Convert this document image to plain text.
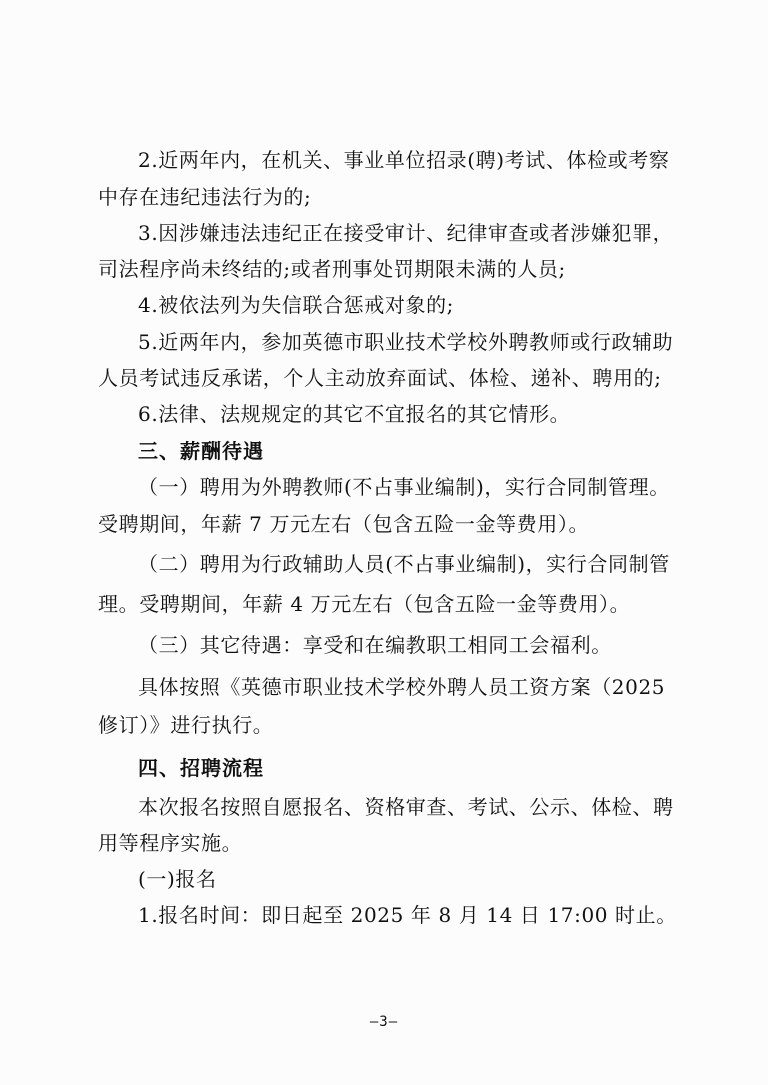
2.近两年内，在机关、事业单位招录(聘)考试、体检或考察
中存在违纪违法行为的;
3.因涉嫌违法违纪正在接受审计、纪律审查或者涉嫌犯罪，
司法程序尚未终结的;或者刑事处罚期限未满的人员;
4.被依法列为失信联合惩戒对象的;
5.近两年内，参加英德市职业技术学校外聘教师或行政辅助
人员考试违反承诺，个人主动放弃面试、体检、递补、聘用的;
6.法律、法规规定的其它不宜报名的其它情形。
三、薪酬待遇
（一）聘用为外聘教师(不占事业编制)，实行合同制管理。
受聘期间，年薪 7 万元左右（包含五险一金等费用）。
（二）聘用为行政辅助人员(不占事业编制)，实行合同制管
理。受聘期间，年薪 4 万元左右（包含五险一金等费用）。
（三）其它待遇：享受和在编教职工相同工会福利。
具体按照《英德市职业技术学校外聘人员工资方案（2025
修订）》进行执行。
四、招聘流程
本次报名按照自愿报名、资格审查、考试、公示、体检、聘
用等程序实施。
(一)报名
1.报名时间：即日起至 2025 年 8 月 14 日 17:00 时止。
—3—
